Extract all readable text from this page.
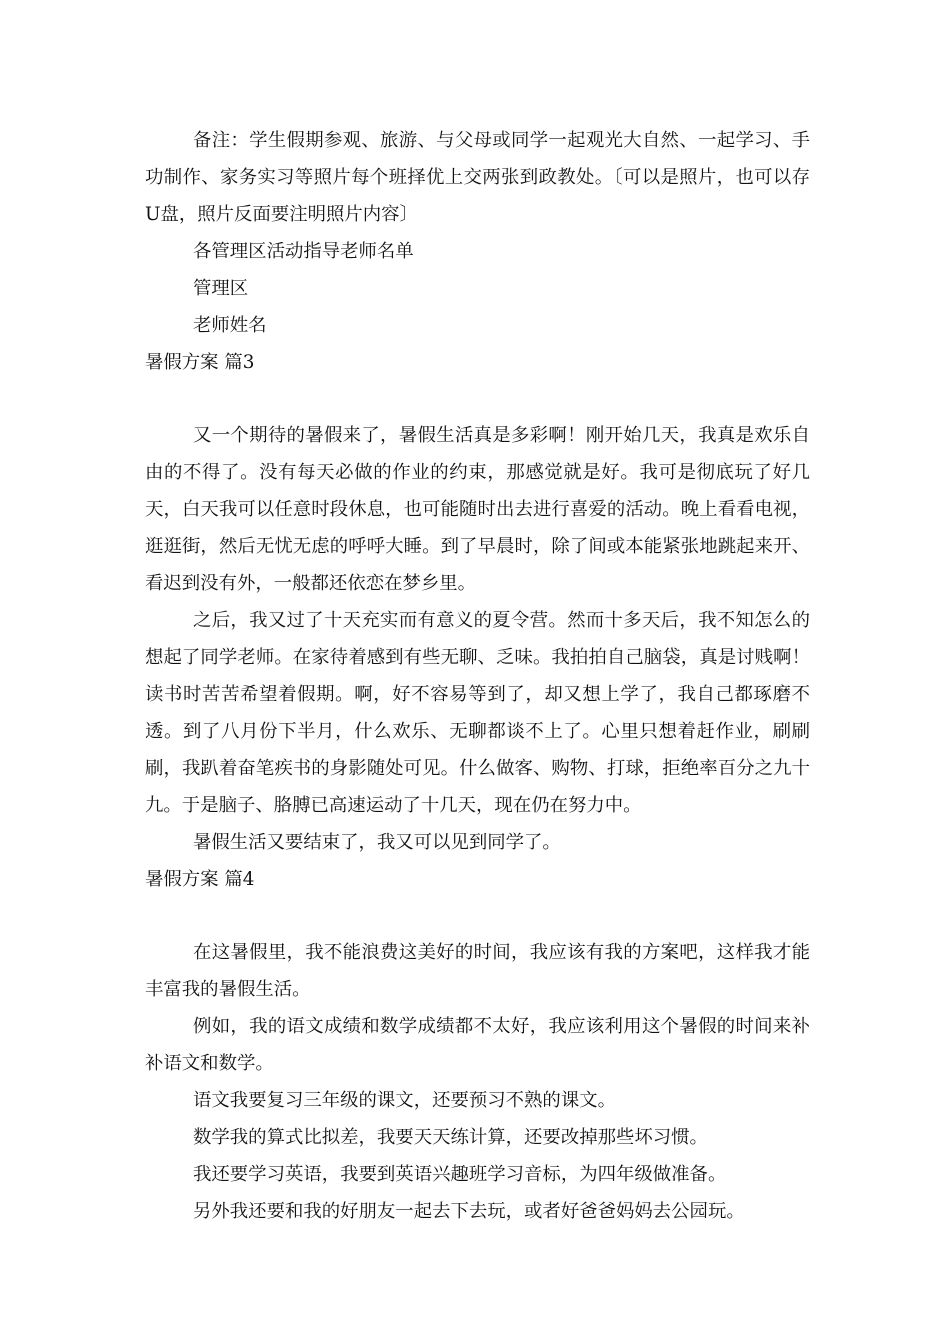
备注：学生假期参观、旅游、与父母或同学一起观光大自然、一起学习、手功制作、家务实习等照片每个班择优上交两张到政教处。〔可以是照片，也可以存U盘，照片反面要注明照片内容〕

各管理区活动指导老师名单

管理区

老师姓名

暑假方案 篇3

又一个期待的暑假来了，暑假生活真是多彩啊！刚开始几天，我真是欢乐自由的不得了。没有每天必做的作业的约束，那感觉就是好。我可是彻底玩了好几天，白天我可以任意时段休息，也可能随时出去进行喜爱的活动。晚上看看电视，逛逛街，然后无忧无虑的呼呼大睡。到了早晨时，除了间或本能紧张地跳起来开、看迟到没有外，一般都还依恋在梦乡里。

之后，我又过了十天充实而有意义的夏令营。然而十多天后，我不知怎么的想起了同学老师。在家待着感到有些无聊、乏味。我拍拍自己脑袋，真是讨贱啊！读书时苦苦希望着假期。啊，好不容易等到了，却又想上学了，我自己都琢磨不透。到了八月份下半月，什么欢乐、无聊都谈不上了。心里只想着赶作业，刷刷刷，我趴着奋笔疾书的身影随处可见。什么做客、购物、打球，拒绝率百分之九十九。于是脑子、胳膊已高速运动了十几天，现在仍在努力中。

暑假生活又要结束了，我又可以见到同学了。

暑假方案 篇4

在这暑假里，我不能浪费这美好的时间，我应该有我的方案吧，这样我才能丰富我的暑假生活。

例如，我的语文成绩和数学成绩都不太好，我应该利用这个暑假的时间来补补语文和数学。

语文我要复习三年级的课文，还要预习不熟的课文。

数学我的算式比拟差，我要天天练计算，还要改掉那些坏习惯。

我还要学习英语，我要到英语兴趣班学习音标，为四年级做准备。

另外我还要和我的好朋友一起去下去玩，或者好爸爸妈妈去公园玩。
